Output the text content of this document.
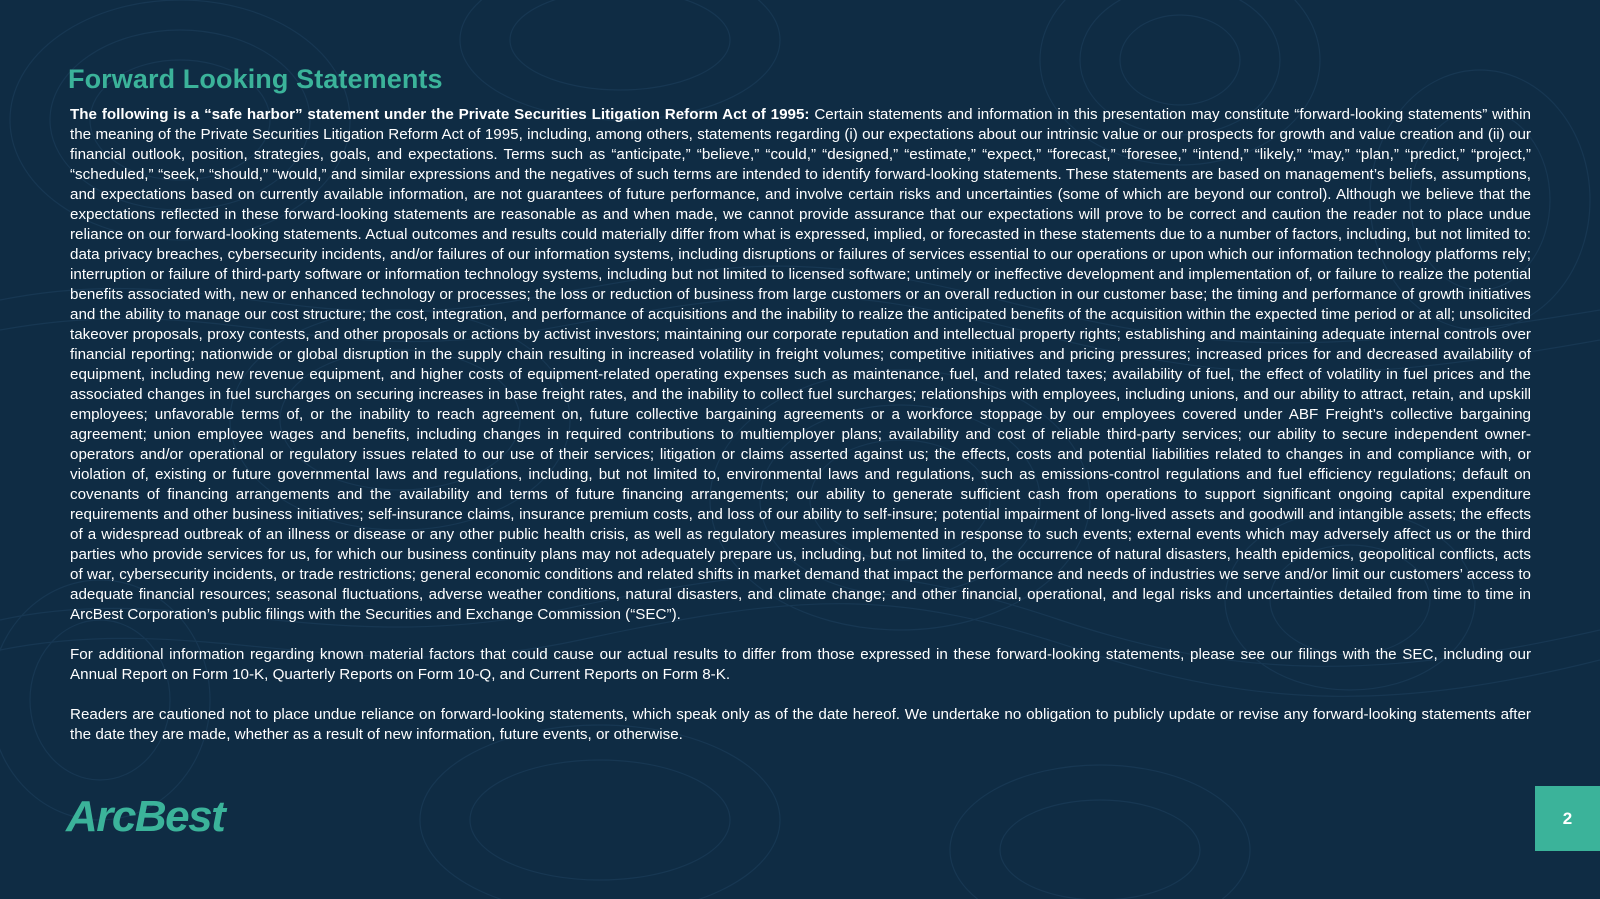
Forward Looking Statements

The following is a “safe harbor” statement under the Private Securities Litigation Reform Act of 1995: Certain statements and information in this presentation may constitute “forward-looking statements” within the meaning of the Private Securities Litigation Reform Act of 1995, including, among others, statements regarding (i) our expectations about our intrinsic value or our prospects for growth and value creation and (ii) our financial outlook, position, strategies, goals, and expectations. Terms such as “anticipate,” “believe,” “could,” “designed,” “estimate,” “expect,” “forecast,” “foresee,” “intend,” “likely,” “may,” “plan,” “predict,” “project,” “scheduled,” “seek,” “should,” “would,” and similar expressions and the negatives of such terms are intended to identify forward-looking statements. These statements are based on management’s beliefs, assumptions, and expectations based on currently available information, are not guarantees of future performance, and involve certain risks and uncertainties (some of which are beyond our control). Although we believe that the expectations reflected in these forward-looking statements are reasonable as and when made, we cannot provide assurance that our expectations will prove to be correct and caution the reader not to place undue reliance on our forward-looking statements. Actual outcomes and results could materially differ from what is expressed, implied, or forecasted in these statements due to a number of factors, including, but not limited to: data privacy breaches, cybersecurity incidents, and/or failures of our information systems, including disruptions or failures of services essential to our operations or upon which our information technology platforms rely; interruption or failure of third-party software or information technology systems, including but not limited to licensed software; untimely or ineffective development and implementation of, or failure to realize the potential benefits associated with, new or enhanced technology or processes; the loss or reduction of business from large customers or an overall reduction in our customer base; the timing and performance of growth initiatives and the ability to manage our cost structure; the cost, integration, and performance of acquisitions and the inability to realize the anticipated benefits of the acquisition within the expected time period or at all; unsolicited takeover proposals, proxy contests, and other proposals or actions by activist investors; maintaining our corporate reputation and intellectual property rights; establishing and maintaining adequate internal controls over financial reporting; nationwide or global disruption in the supply chain resulting in increased volatility in freight volumes; competitive initiatives and pricing pressures; increased prices for and decreased availability of equipment, including new revenue equipment, and higher costs of equipment-related operating expenses such as maintenance, fuel, and related taxes; availability of fuel, the effect of volatility in fuel prices and the associated changes in fuel surcharges on securing increases in base freight rates, and the inability to collect fuel surcharges; relationships with employees, including unions, and our ability to attract, retain, and upskill employees; unfavorable terms of, or the inability to reach agreement on, future collective bargaining agreements or a workforce stoppage by our employees covered under ABF Freight’s collective bargaining agreement; union employee wages and benefits, including changes in required contributions to multiemployer plans; availability and cost of reliable third-party services; our ability to secure independent owner-operators and/or operational or regulatory issues related to our use of their services; litigation or claims asserted against us; the effects, costs and potential liabilities related to changes in and compliance with, or violation of, existing or future governmental laws and regulations, including, but not limited to, environmental laws and regulations, such as emissions-control regulations and fuel efficiency regulations; default on covenants of financing arrangements and the availability and terms of future financing arrangements; our ability to generate sufficient cash from operations to support significant ongoing capital expenditure requirements and other business initiatives; self-insurance claims, insurance premium costs, and loss of our ability to self-insure; potential impairment of long-lived assets and goodwill and intangible assets; the effects of a widespread outbreak of an illness or disease or any other public health crisis, as well as regulatory measures implemented in response to such events; external events which may adversely affect us or the third parties who provide services for us, for which our business continuity plans may not adequately prepare us, including, but not limited to, the occurrence of natural disasters, health epidemics, geopolitical conflicts, acts of war, cybersecurity incidents, or trade restrictions; general economic conditions and related shifts in market demand that impact the performance and needs of industries we serve and/or limit our customers’ access to adequate financial resources; seasonal fluctuations, adverse weather conditions, natural disasters, and climate change; and other financial, operational, and legal risks and uncertainties detailed from time to time in ArcBest Corporation’s public filings with the Securities and Exchange Commission (“SEC”).

For additional information regarding known material factors that could cause our actual results to differ from those expressed in these forward-looking statements, please see our filings with the SEC, including our Annual Report on Form 10-K, Quarterly Reports on Form 10-Q, and Current Reports on Form 8-K.

Readers are cautioned not to place undue reliance on forward-looking statements, which speak only as of the date hereof. We undertake no obligation to publicly update or revise any forward-looking statements after the date they are made, whether as a result of new information, future events, or otherwise.

ArcBest	2
